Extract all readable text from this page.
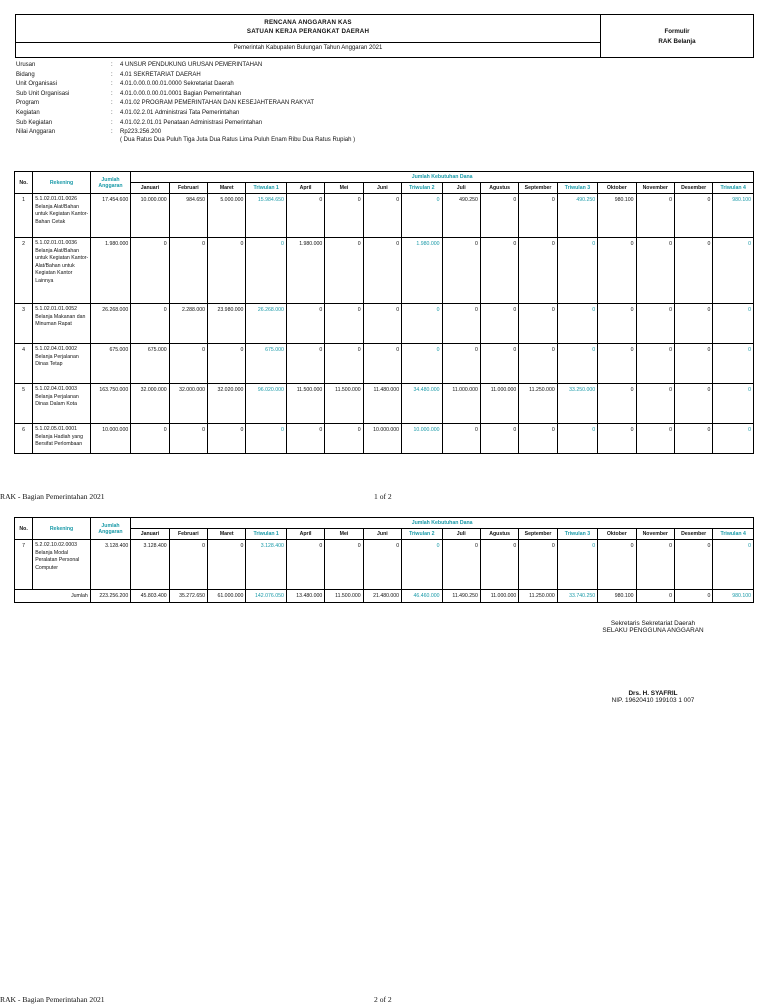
RENCANA ANGGARAN KAS
SATUAN KERJA PERANGKAT DAERAH
Pemerintah Kabupaten Bulungan Tahun Anggaran 2021
Formulir
RAK Belanja
Urusan	: 4 UNSUR PENDUKUNG URUSAN PEMERINTAHAN
Bidang	: 4.01 SEKRETARIAT DAERAH
Unit Organisasi	: 4.01.0.00.0.00.01.0000 Sekretariat Daerah
Sub Unit Organisasi	: 4.01.0.00.0.00.01.0001 Bagian Pemerintahan
Program	: 4.01.02 PROGRAM PEMERINTAHAN DAN KESEJAHTERAAN RAKYAT
Kegiatan	: 4.01.02.2.01 Administrasi Tata Pemerintahan
Sub Kegiatan	: 4.01.02.2.01.01 Penataan Administrasi Pemerintahan
Nilai Anggaran	: Rp223.256.200
( Dua Ratus Dua Puluh Tiga Juta Dua Ratus Lima Puluh Enam Ribu Dua Ratus Rupiah )
No.	Rekening	Jumlah Anggaran	Jumlah Kebutuhan Dana															
			Januari	Februari	Maret	Triwulan 1	April	Mei	Juni	Triwulan 2	Juli	Agustus	September	Triwulan 3	Oktober	November	Desember	Triwulan 4
1	5.1.02.01.01.0026 Belanja Alat/Bahan untuk Kegiatan Kantor-Bahan Cetak	17.454.600	10.000.000	984.650	5.000.000	15.984.650	0	0	0	0	490.250	0	0	490.250	980.100	0	0	980.100
2	5.1.02.01.01.0036 Belanja Alat/Bahan untuk Kegiatan Kantor-Alat/Bahan untuk Kegiatan Kantor Lainnya	1.980.000	0	0	0	0	1.980.000	0	0	1.980.000	0	0	0	0	0	0	0	0
3	5.1.02.01.01.0052 Belanja Makanan dan Minuman Rapat	26.268.000	0	2.288.000	23.980.000	26.268.000	0	0	0	0	0	0	0	0	0	0	0	0
4	5.1.02.04.01.0002 Belanja Perjalanan Dinas Tetap	675.000	675.000	0	0	675.000	0	0	0	0	0	0	0	0	0	0	0	0
5	5.1.02.04.01.0003 Belanja Perjalanan Dinas Dalam Kota	163.750.000	32.000.000	32.000.000	32.020.000	96.020.000	11.500.000	11.500.000	11.480.000	34.480.000	11.000.000	11.000.000	11.250.000	33.250.000	0	0	0	0
6	5.1.02.05.01.0001 Belanja Hadiah yang Bersifat Perlombaan	10.000.000	0	0	0	0	0	0	10.000.000	10.000.000	0	0	0	0	0	0	0	0
RAK - Bagian Pemerintahan 2021	1 of 2
No.	Rekening	Jumlah Anggaran	Jumlah Kebutuhan Dana															
			Januari	Februari	Maret	Triwulan 1	April	Mei	Juni	Triwulan 2	Juli	Agustus	September	Triwulan 3	Oktober	November	Desember	Triwulan 4
7	5.2.02.10.02.0003 Belanja Modal Peralatan Personal Computer	3.128.400	3.128.400	0	0	3.128.400	0	0	0	0	0	0	0	0	0	0	0	0
Jumlah		223.256.200	45.803.400	35.272.650	61.000.000	142.076.050	13.480.000	11.500.000	21.480.000	46.460.000	11.490.250	11.000.000	11.250.000	33.740.250	980.100	0	0	980.100
Sekretaris Sekretariat Daerah
SELAKU PENGGUNA ANGGARAN
Drs. H. SYAFRIL
NIP. 19620410 199103 1 007
RAK - Bagian Pemerintahan 2021	2 of 2
